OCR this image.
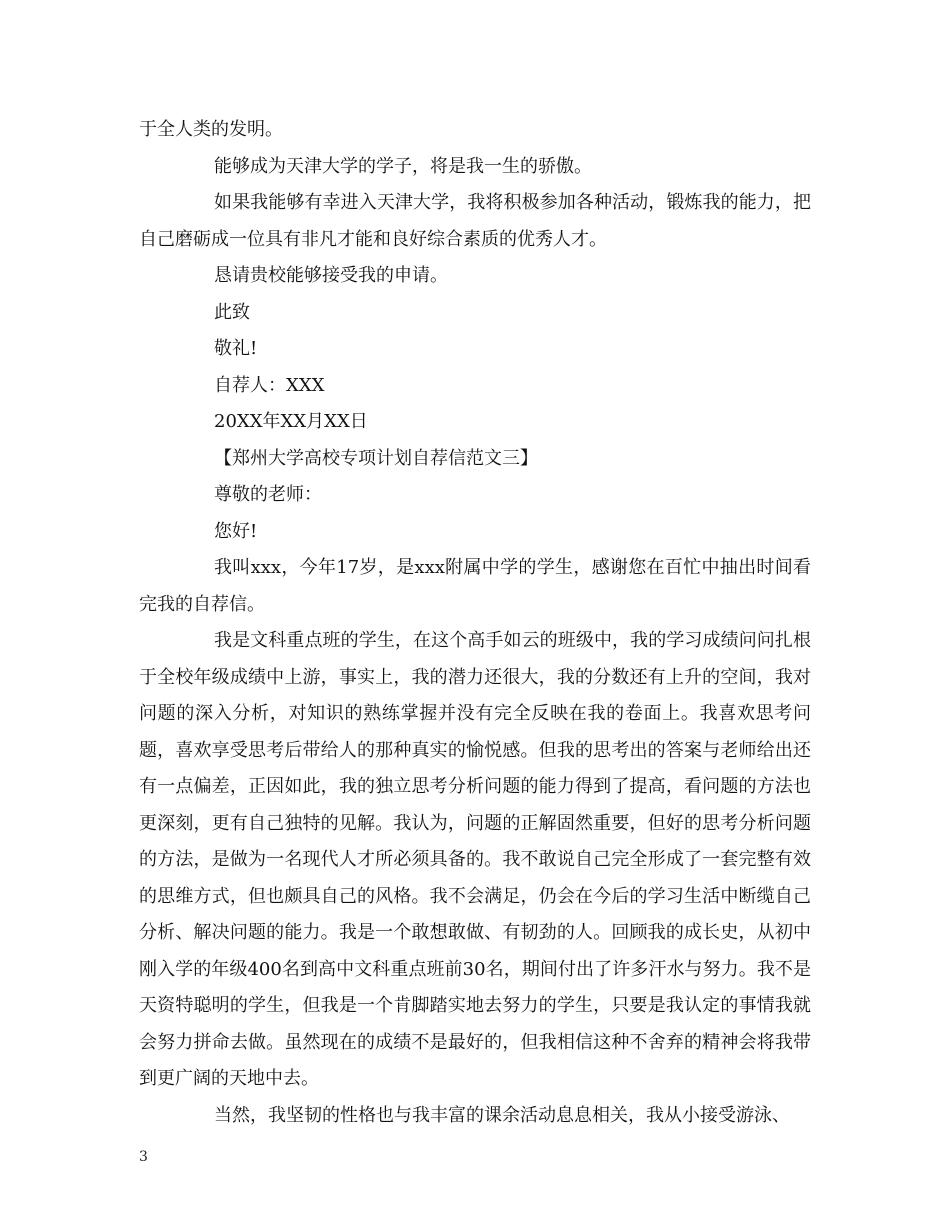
于全人类的发明。

能够成为天津大学的学子，将是我一生的骄傲。

如果我能够有幸进入天津大学，我将积极参加各种活动，锻炼我的能力，把自己磨砺成一位具有非凡才能和良好综合素质的优秀人才。

恳请贵校能够接受我的申请。

此致

敬礼!

自荐人：XXX

20XX年XX月XX日

【郑州大学高校专项计划自荐信范文三】

尊敬的老师：

您好!

我叫xxx，今年17岁，是xxx附属中学的学生，感谢您在百忙中抽出时间看完我的自荐信。

我是文科重点班的学生，在这个高手如云的班级中，我的学习成绩问问扎根于全校年级成绩中上游，事实上，我的潜力还很大，我的分数还有上升的空间，我对问题的深入分析，对知识的熟练掌握并没有完全反映在我的卷面上。我喜欢思考问题，喜欢享受思考后带给人的那种真实的愉悦感。但我的思考出的答案与老师给出还有一点偏差，正因如此，我的独立思考分析问题的能力得到了提高，看问题的方法也更深刻，更有自己独特的见解。我认为，问题的正解固然重要，但好的思考分析问题的方法，是做为一名现代人才所必须具备的。我不敢说自己完全形成了一套完整有效的思维方式，但也颇具自己的风格。我不会满足，仍会在今后的学习生活中断缆自己分析、解决问题的能力。我是一个敢想敢做、有韧劲的人。回顾我的成长史，从初中刚入学的年级400名到高中文科重点班前30名，期间付出了许多汗水与努力。我不是天资特聪明的学生，但我是一个肯脚踏实地去努力的学生，只要是我认定的事情我就会努力拼命去做。虽然现在的成绩不是最好的，但我相信这种不舍弃的精神会将我带到更广阔的天地中去。

当然，我坚韧的性格也与我丰富的课余活动息息相关，我从小接受游泳、

3
